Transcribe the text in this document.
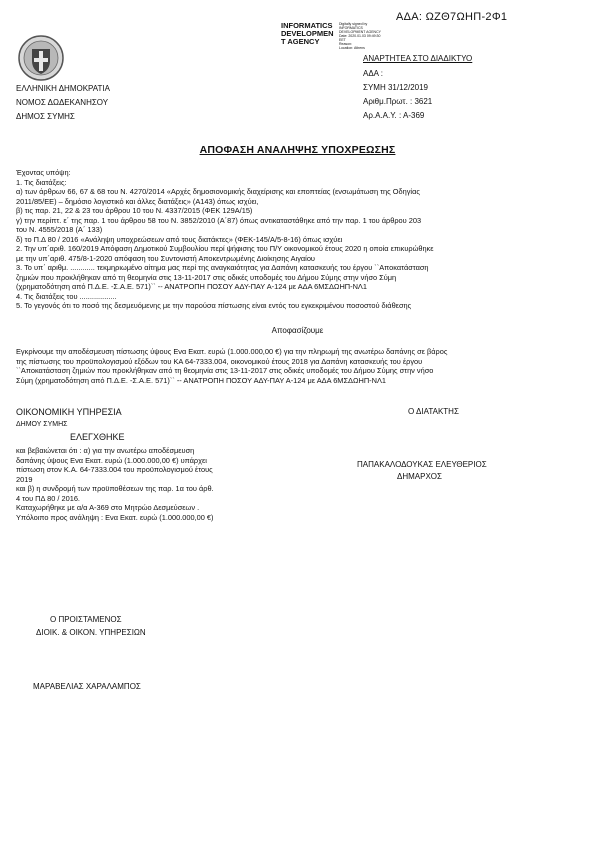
ΑΔΑ: ΩΖΘ7ΩΗΠ-2Φ1
INFORMATICS
DEVELOPMEN
T AGENCY
Digitally signed by
INFORMATICS
DEVELOPMENT AGENCY
Date: 2020.01.03 09:49:30
EET
Reason:
Location: Athens
ΑΝΑΡΤΗΤΕΑ ΣΤΟ ΔΙΑΔΙΚΤΥΟ
ΑΔΑ :
ΣΥΜΗ 31/12/2019
Αριθμ.Πρωτ. : 3621
Αρ.Α.Α.Υ. : Α-369
ΕΛΛΗΝΙΚΗ ΔΗΜΟΚΡΑΤΙΑ
ΝΟΜΟΣ ΔΩΔΕΚΑΝΗΣΟΥ
ΔΗΜΟΣ ΣΥΜΗΣ
ΑΠΟΦΑΣΗ ΑΝΑΛΗΨΗΣ ΥΠΟΧΡΕΩΣΗΣ
Έχοντας υπόψη:
1. Τις διατάξεις:
α) των άρθρων 66, 67 & 68 του Ν. 4270/2014 «Αρχές δημοσιονομικής διαχείρισης και εποπτείας (ενσωμάτωση της Οδηγίας
2011/85/ΕΕ) – δημόσιο λογιστικό και άλλες διατάξεις» (Α143) όπως ισχύει,
β) τις παρ. 21, 22 & 23 του άρθρου 10 του Ν. 4337/2015 (ΦΕΚ 129Α/15)
γ) την περίπτ. ε΄ της παρ. 1 του άρθρου 58 του Ν. 3852/2010 (Α΄87) όπως αντικαταστάθηκε από την παρ. 1 του άρθρου 203
του Ν. 4555/2018 (Α΄ 133)
δ) το Π.Δ 80 / 2016 «Ανάληψη υποχρεώσεων από τους διατάκτες» (ΦΕΚ-145/Α/5-8-16) όπως ισχύει
2. Την υπ΄αριθ. 160/2019 Απόφαση Δημοτικού Συμβουλίου περί ψήφισης του Π/Υ οικονομικού έτους 2020 η οποία επικυρώθηκε
με την υπ΄αριθ. 475/8-1-2020 απόφαση του Συντονιστή Αποκεντρωμένης Διοίκησης Αιγαίου
3. Το υπ΄ αριθμ. ............ τεκμηριωμένο αίτημα μας περί της αναγκαιότητας για Δαπάνη κατασκευής του έργου ``Αποκατάσταση
ζημιών που προκλήθηκαν από τη θεομηνία στις 13-11-2017 στις οδικές υποδομές του Δήμου Σύμης στην νήσο Σύμη
(χρηματοδότηση από Π.Δ.Ε. -Σ.Α.Ε. 571)`` -- ΑΝΑΤΡΟΠΗ ΠΟΣΟΥ ΑΔΥ-ΠΑΥ Α-124 με ΑΔΑ 6ΜΣΔΩΗΠ-ΝΛ1
4. Τις διατάξεις του ..................
5. Το γεγονός ότι το ποσό της δεσμευόμενης με την παρούσα πίστωσης είναι εντός του εγκεκριμένου ποσοστού διάθεσης
Αποφασίζουμε
Εγκρίνουμε την αποδέσμευση πίστωσης ύψους Ενα Εκατ. ευρώ (1.000.000,00 €) για την πληρωμή της ανωτέρω δαπάνης σε βάρος
της πίστωσης του προϋπολογισμού εξόδων του ΚΑ 64-7333.004, οικονομικού έτους 2018 για Δαπάνη κατασκευής του έργου
``Αποκατάσταση ζημιών που προκλήθηκαν από τη θεομηνία στις 13-11-2017 στις οδικές υποδομές του Δήμου Σύμης στην νήσο
Σύμη (χρηματοδότηση από Π.Δ.Ε. -Σ.Α.Ε. 571)`` -- ΑΝΑΤΡΟΠΗ ΠΟΣΟΥ ΑΔΥ-ΠΑΥ Α-124 με ΑΔΑ 6ΜΣΔΩΗΠ-ΝΛ1
ΟΙΚΟΝΟΜΙΚΗ ΥΠΗΡΕΣΙΑ
ΔΗΜΟΥ ΣΥΜΗΣ
ΕΛΕΓΧΘΗΚΕ
και βεβαιώνεται ότι : α) για την ανωτέρω αποδέσμευση
δαπάνης ύψους Ενα Εκατ. ευρώ (1.000.000,00 €) υπάρχει
πίστωση στον Κ.Α. 64-7333.004 του προϋπολογισμού έτους
2019
και β) η συνδρομή των προϋποθέσεων της παρ. 1α του άρθ.
4 του ΠΔ 80 / 2016.
Καταχωρήθηκε με α/α Α-369 στο Μητρώο Δεσμεύσεων .
Υπόλοιπο προς ανάληψη : Ενα Εκατ. ευρώ (1.000.000,00 €)
Ο ΔΙΑΤΑΚΤΗΣ
ΠΑΠΑΚΑΛΟΔΟΥΚΑΣ ΕΛΕΥΘΕΡΙΟΣ
ΔΗΜΑΡΧΟΣ
Ο ΠΡΟΙΣΤΑΜΕΝΟΣ
ΔΙΟΙΚ. & ΟΙΚΟΝ. ΥΠΗΡΕΣΙΩΝ
ΜΑΡΑΒΕΛΙΑΣ ΧΑΡΑΛΑΜΠΟΣ
